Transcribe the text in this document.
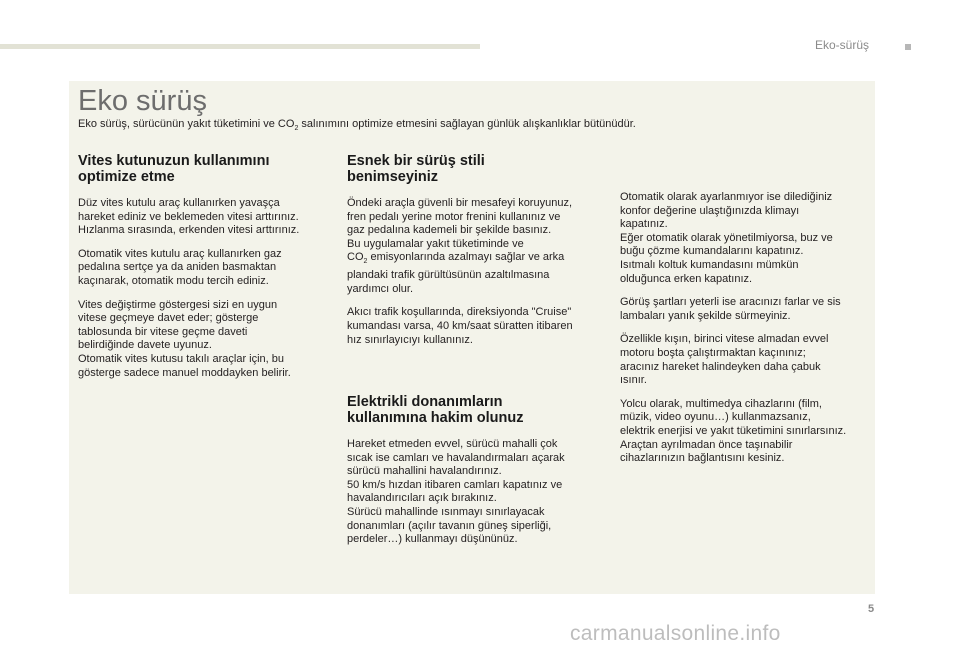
Eko-sürüş
Eko sürüş

Eko sürüş, sürücünün yakıt tüketimini ve $CO_2$ salınımını optimize etmesini sağlayan günlük alışkanlıklar bütünüdür.

Vites kutunuzun kullanımını
optimize etme

Düz vites kutulu araç kullanırken yavaşça
hareket ediniz ve beklemeden vitesi arttırınız.
Hızlanma sırasında, erkenden vitesi arttırınız.

Otomatik vites kutulu araç kullanırken gaz
pedalına sertçe ya da aniden basmaktan
kaçınarak, otomatik modu tercih ediniz.

Vites değiştirme göstergesi sizi en uygun
vitese geçmeye davet eder; gösterge
tablosunda bir vitese geçme daveti
belirdiğinde davete uyunuz.
Otomatik vites kutusu takılı araçlar için, bu
gösterge sadece manuel moddayken belirir.

Esnek bir sürüş stili
benimseyiniz

Öndeki araçla güvenli bir mesafeyi koruyunuz,
fren pedalı yerine motor frenini kullanınız ve
gaz pedalına kademeli bir şekilde basınız.
Bu uygulamalar yakıt tüketiminde ve
$CO_2$ emisyonlarında azalmayı sağlar ve arka
plandaki trafik gürültüsünün azaltılmasına
yardımcı olur.

Akıcı trafik koşullarında, direksiyonda "Cruise"
kumandası varsa, 40 km/saat süratten itibaren
hız sınırlayıcıyı kullanınız.

Elektrikli donanımların
kullanımına hakim olunuz

Hareket etmeden evvel, sürücü mahalli çok
sıcak ise camları ve havalandırmaları açarak
sürücü mahallini havalandırınız.
50 km/s hızdan itibaren camları kapatınız ve
havalandırıcıları açık bırakınız.
Sürücü mahallinde ısınmayı sınırlayacak
donanımları (açılır tavanın güneş siperliği,
perdeler…) kullanmayı düşününüz.

Otomatik olarak ayarlanmıyor ise dilediğiniz
konfor değerine ulaştığınızda klimayı
kapatınız.
Eğer otomatik olarak yönetilmiyorsa, buz ve
buğu çözme kumandalarını kapatınız.
Isıtmalı koltuk kumandasını mümkün
olduğunca erken kapatınız.

Görüş şartları yeterli ise aracınızı farlar ve sis
lambaları yanık şekilde sürmeyiniz.

Özellikle kışın, birinci vitese almadan evvel
motoru boşta çalıştırmaktan kaçınınız;
aracınız hareket halindeyken daha çabuk
ısınır.

Yolcu olarak, multimedya cihazlarını (film,
müzik, video oyunu…) kullanmazsanız,
elektrik enerjisi ve yakıt tüketimini sınırlarsınız.
Araçtan ayrılmadan önce taşınabilir
cihazlarınızın bağlantısını kesiniz.

5
carmanualsonline.info
